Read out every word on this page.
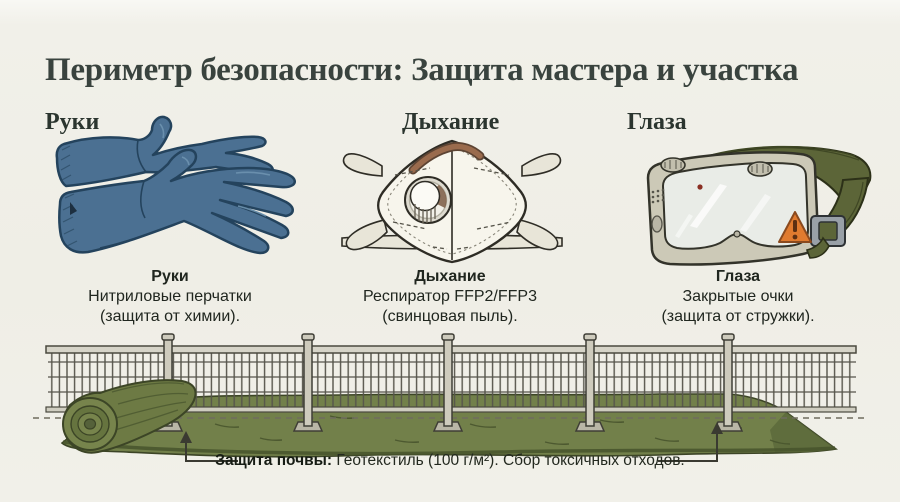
Периметр безопасности: Защита мастера и участка
Руки	Дыхание	Глаза
Руки
Нитриловые перчатки
(защита от химии).
Дыхание
Респиратор FFP2/FFP3
(свинцовая пыль).
Глаза
Закрытые очки
(защита от стружки).
Защита почвы: Геотекстиль (100 г/м²). Сбор токсичных отходов.
